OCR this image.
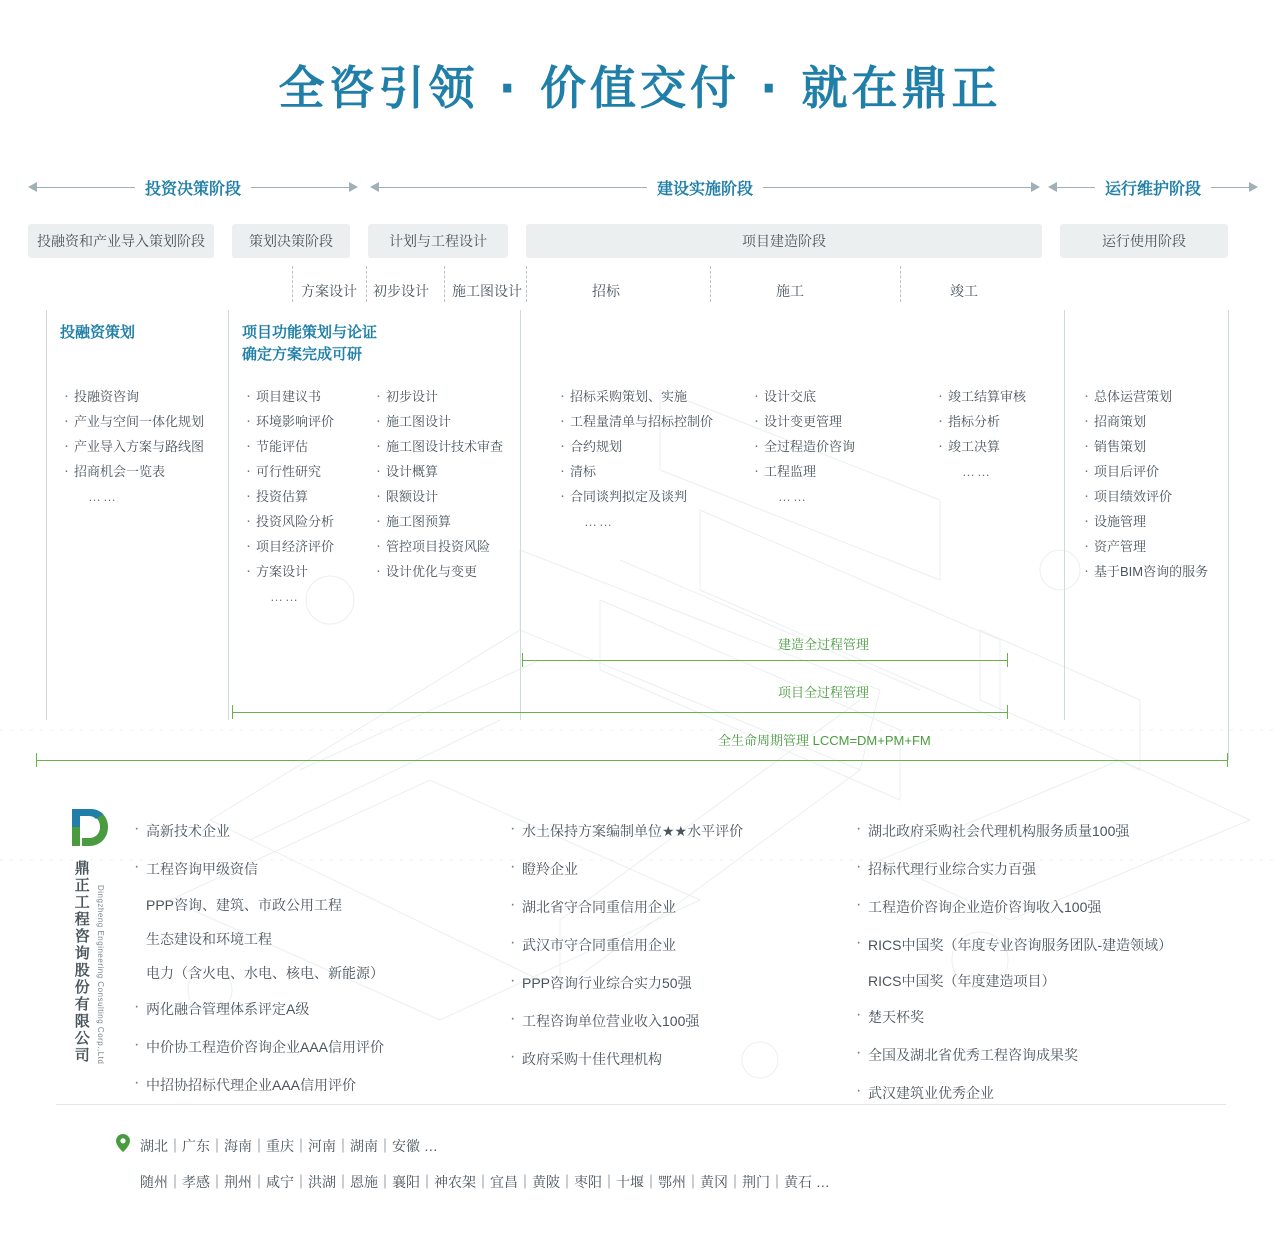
全咨引领 · 价值交付 · 就在鼎正
投资决策阶段	建设实施阶段	运行维护阶段
投融资和产业导入策划阶段	策划决策阶段	计划与工程设计	项目建造阶段	运行使用阶段
方案设计 初步设计 施工图设计	招标	施工	竣工
投融资策划	项目功能策划与论证
确定方案完成可研
· 投融资咨询
· 产业与空间一体化规划
· 产业导入方案与路线图
· 招商机会一览表
……
· 项目建议书
· 环境影响评价
· 节能评估
· 可行性研究
· 投资估算
· 投资风险分析
· 项目经济评价
· 方案设计
……
· 初步设计
· 施工图设计
· 施工图设计技术审查
· 设计概算
· 限额设计
· 施工图预算
· 管控项目投资风险
· 设计优化与变更
· 招标采购策划、实施
· 工程量清单与招标控制价
· 合约规划
· 清标
· 合同谈判拟定及谈判
……
· 设计交底
· 设计变更管理
· 全过程造价咨询
· 工程监理
……
· 竣工结算审核
· 指标分析
· 竣工决算
……
· 总体运营策划
· 招商策划
· 销售策划
· 项目后评价
· 项目绩效评价
· 设施管理
· 资产管理
· 基于BIM咨询的服务
建造全过程管理
项目全过程管理
全生命周期管理 LCCM=DM+PM+FM
鼎正工程咨询股份有限公司 Dingzheng Engineering Consulting Corp.,Ltd
· 高新技术企业
· 工程咨询甲级资信
PPP咨询、建筑、市政公用工程
生态建设和环境工程
电力（含火电、水电、核电、新能源）
· 两化融合管理体系评定A级
· 中价协工程造价咨询企业AAA信用评价
· 中招协招标代理企业AAA信用评价
· 水土保持方案编制单位★★水平评价
· 瞪羚企业
· 湖北省守合同重信用企业
· 武汉市守合同重信用企业
· PPP咨询行业综合实力50强
· 工程咨询单位营业收入100强
· 政府采购十佳代理机构
· 湖北政府采购社会代理机构服务质量100强
· 招标代理行业综合实力百强
· 工程造价咨询企业造价咨询收入100强
· RICS中国奖（年度专业咨询服务团队-建造领域）
RICS中国奖（年度建造项目）
· 楚天杯奖
· 全国及湖北省优秀工程咨询成果奖
· 武汉建筑业优秀企业
湖北｜广东｜海南｜重庆｜河南｜湖南｜安徽 …
随州｜孝感｜荆州｜咸宁｜洪湖｜恩施｜襄阳｜神农架｜宜昌｜黄陂｜枣阳｜十堰｜鄂州｜黄冈｜荆门｜黄石 …
